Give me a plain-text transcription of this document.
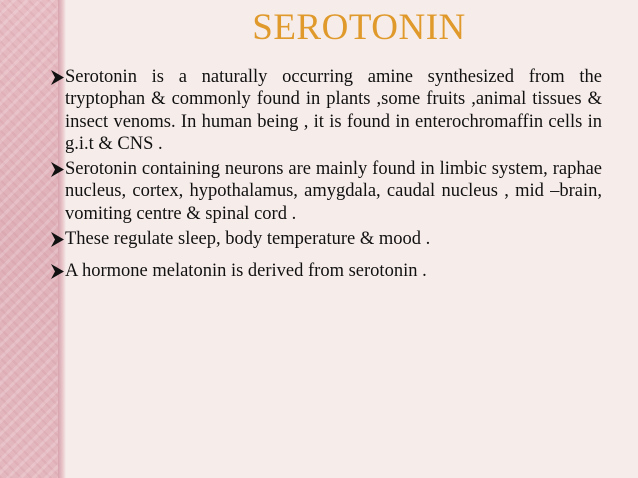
SEROTONIN
Serotonin is a naturally occurring amine synthesized from the tryptophan & commonly found in plants ,some fruits ,animal tissues & insect venoms. In human being , it is found in enterochromaffin cells in g.i.t & CNS .
Serotonin containing neurons are mainly found in limbic system, raphae nucleus, cortex, hypothalamus, amygdala, caudal nucleus , mid –brain, vomiting centre & spinal cord .
These regulate sleep, body temperature & mood .
A hormone melatonin is derived from serotonin .
